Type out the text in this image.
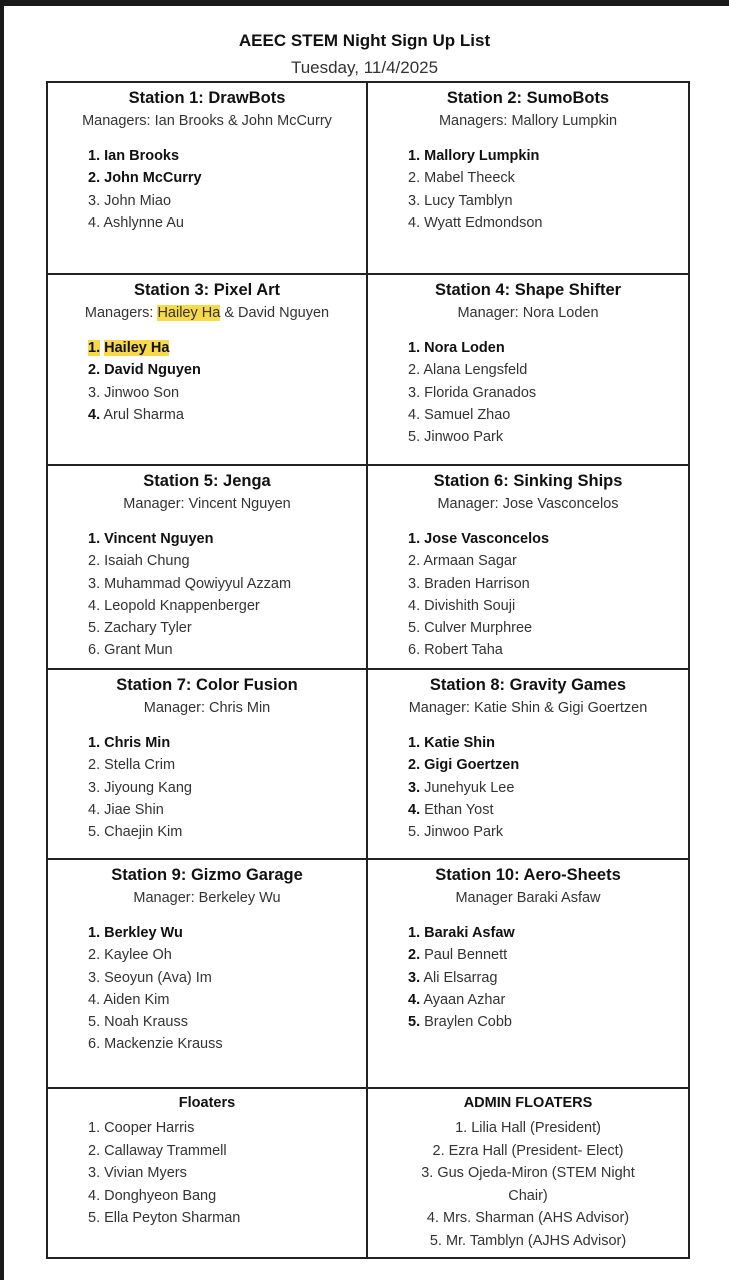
AEEC STEM Night Sign Up List
Tuesday, 11/4/2025
Station 1: DrawBots
Managers: Ian Brooks & John McCurry
1. Ian Brooks
2. John McCurry
3. John Miao
4. Ashlynne Au
Station 2: SumoBots
Managers: Mallory Lumpkin
1. Mallory Lumpkin
2. Mabel Theeck
3. Lucy Tamblyn
4. Wyatt Edmondson
Station 3: Pixel Art
Managers: Hailey Ha & David Nguyen
1. Hailey Ha
2. David Nguyen
3. Jinwoo Son
4. Arul Sharma
Station 4: Shape Shifter
Manager: Nora Loden
1. Nora Loden
2. Alana Lengsfeld
3. Florida Granados
4. Samuel Zhao
5. Jinwoo Park
Station 5: Jenga
Manager: Vincent Nguyen
1. Vincent Nguyen
2. Isaiah Chung
3. Muhammad Qowiyyul Azzam
4. Leopold Knappenberger
5. Zachary Tyler
6. Grant Mun
Station 6: Sinking Ships
Manager: Jose Vasconcelos
1. Jose Vasconcelos
2. Armaan Sagar
3. Braden Harrison
4. Divishith Souji
5. Culver Murphree
6. Robert Taha
Station 7: Color Fusion
Manager: Chris Min
1. Chris Min
2. Stella Crim
3. Jiyoung Kang
4. Jiae Shin
5. Chaejin Kim
Station 8: Gravity Games
Manager: Katie Shin & Gigi Goertzen
1. Katie Shin
2. Gigi Goertzen
3. Junehyuk Lee
4. Ethan Yost
5. Jinwoo Park
Station 9: Gizmo Garage
Manager: Berkeley Wu
1. Berkley Wu
2. Kaylee Oh
3. Seoyun (Ava) Im
4. Aiden Kim
5. Noah Krauss
6. Mackenzie Krauss
Station 10: Aero-Sheets
Manager Baraki Asfaw
1. Baraki Asfaw
2. Paul Bennett
3. Ali Elsarrag
4. Ayaan Azhar
5. Braylen Cobb
Floaters
1. Cooper Harris
2. Callaway Trammell
3. Vivian Myers
4. Donghyeon Bang
5. Ella Peyton Sharman
ADMIN FLOATERS
1. Lilia Hall (President)
2. Ezra Hall (President- Elect)
3. Gus Ojeda-Miron (STEM Night
Chair)
4. Mrs. Sharman (AHS Advisor)
5. Mr. Tamblyn (AJHS Advisor)
